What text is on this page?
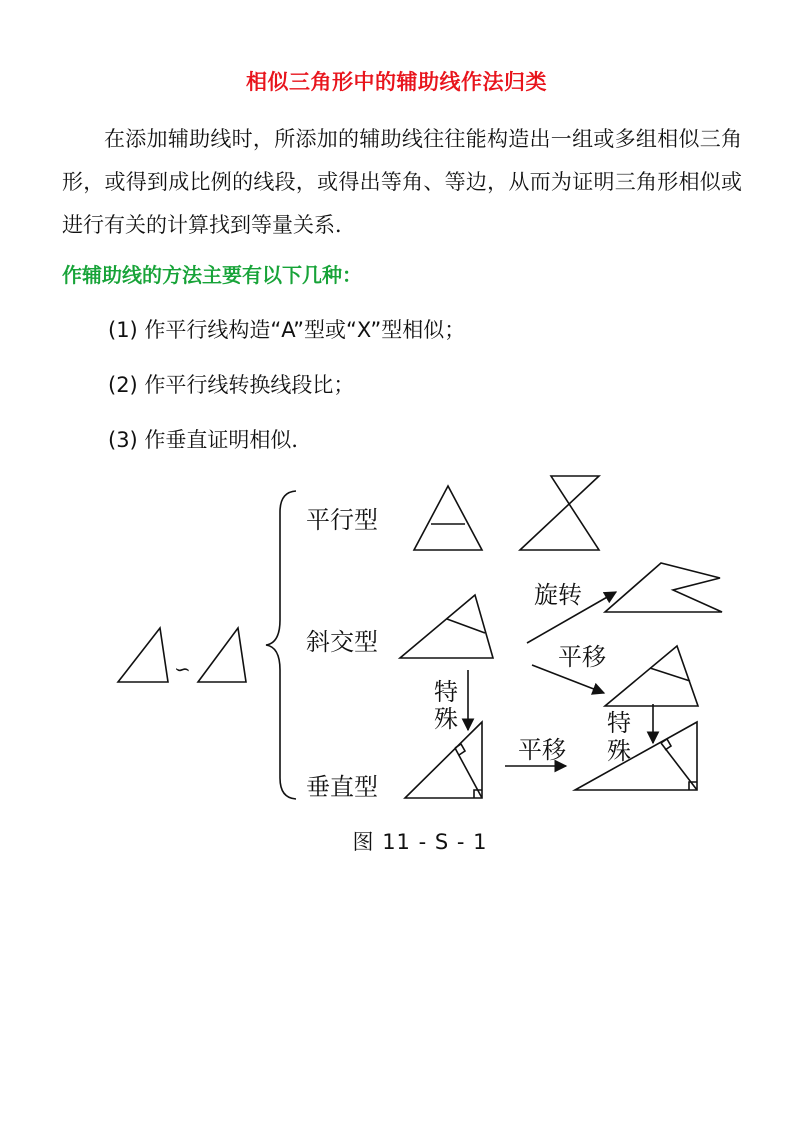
相似三角形中的辅助线作法归类

在添加辅助线时，所添加的辅助线往往能构造出一组或多组相似三角形，或得到成比例的线段，或得出等角、等边，从而为证明三角形相似或进行有关的计算找到等量关系．

作辅助线的方法主要有以下几种：
(1) 作平行线构造“A”型或“X”型相似；
(2) 作平行线转换线段比；
(3) 作垂直证明相似．
∽
平行型
斜交型
垂直型
旋转
平移
平移
特
殊	特
殊
图 11 - S - 1
